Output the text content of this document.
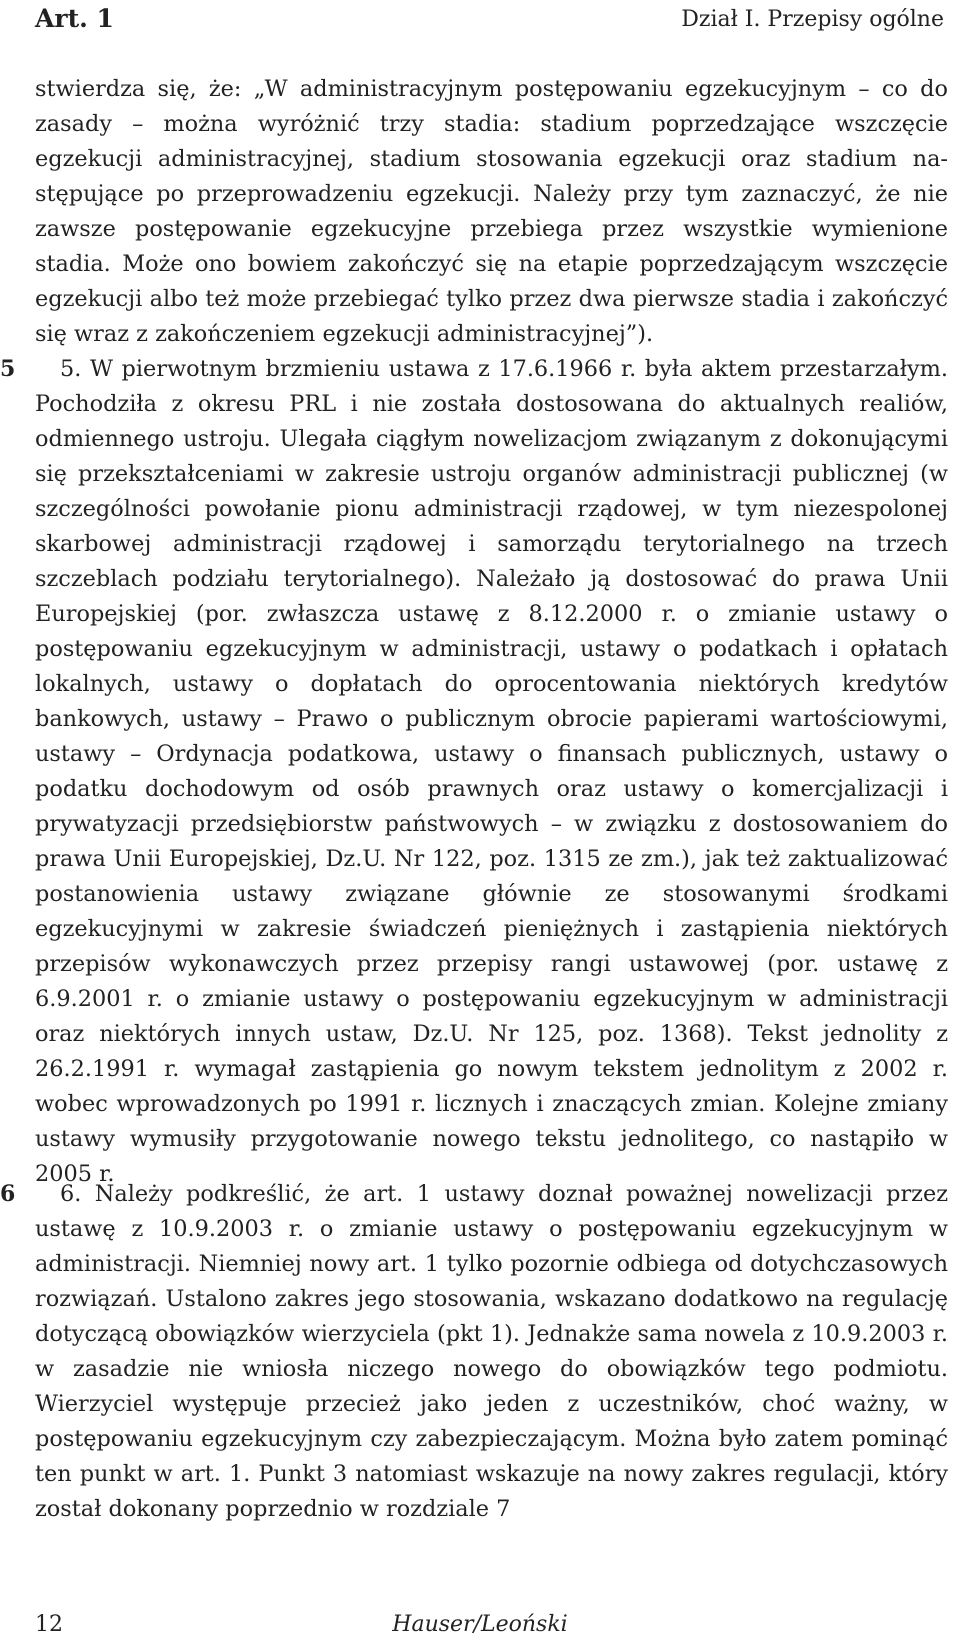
Art. 1	Dział I. Przepisy ogólne

stwierdza się, że: „W administracyjnym postępowaniu egzekucyjnym – co do zasady – można wyróżnić trzy stadia: stadium poprzedzające wszczęcie egzekucji administracyjnej, stadium stosowania egzekucji oraz stadium następujące po przeprowadzeniu egzekucji. Należy przy tym zaznaczyć, że nie zawsze postępowanie egzekucyjne przebiega przez wszystkie wymienione stadia. Może ono bowiem zakończyć się na etapie poprzedzającym wszczęcie egzekucji albo też może przebiegać tylko przez dwa pierwsze stadia i zakończyć się wraz z zakończeniem egzekucji administracyjnej”).

5	5. W pierwotnym brzmieniu ustawa z 17.6.1966 r. była aktem przestarzałym. Pochodziła z okresu PRL i nie została dostosowana do aktualnych realiów, odmiennego ustroju. Ulegała ciągłym nowelizacjom związanym z dokonującymi się przekształceniami w zakresie ustroju organów administracji publicznej (w szczególności powołanie pionu administracji rządowej, w tym niezespolonej skarbowej administracji rządowej i samorządu terytorialnego na trzech szczeblach podziału terytorialnego). Należało ją dostosować do prawa Unii Europejskiej (por. zwłaszcza ustawę z 8.12.2000 r. o zmianie ustawy o postępowaniu egzekucyjnym w administracji, ustawy o podatkach i opłatach lokalnych, ustawy o dopłatach do oprocentowania niektórych kredytów bankowych, ustawy – Prawo o publicznym obrocie papierami wartościowymi, ustawy – Ordynacja podatkowa, ustawy o finansach publicznych, ustawy o podatku dochodowym od osób prawnych oraz ustawy o komercjalizacji i prywatyzacji przedsiębiorstw państwowych – w związku z dostosowaniem do prawa Unii Europejskiej, Dz.U. Nr 122, poz. 1315 ze zm.), jak też zaktualizować postanowienia ustawy związane głównie ze stosowanymi środkami egzekucyjnymi w zakresie świadczeń pieniężnych i zastąpienia niektórych przepisów wykonawczych przez przepisy rangi ustawowej (por. ustawę z 6.9.2001 r. o zmianie ustawy o postępowaniu egzekucyjnym w administracji oraz niektórych innych ustaw, Dz.U. Nr 125, poz. 1368). Tekst jednolity z 26.2.1991 r. wymagał zastąpienia go nowym tekstem jednolitym z 2002 r. wobec wprowadzonych po 1991 r. licznych i znaczących zmian. Kolejne zmiany ustawy wymusiły przygotowanie nowego tekstu jednolitego, co nastąpiło w 2005 r.

6	6. Należy podkreślić, że art. 1 ustawy doznał poważnej nowelizacji przez ustawę z 10.9.2003 r. o zmianie ustawy o postępowaniu egzekucyjnym w administracji. Niemniej nowy art. 1 tylko pozornie odbiega od dotychczasowych rozwiązań. Ustalono zakres jego stosowania, wskazano dodatkowo na regulację dotyczącą obowiązków wierzyciela (pkt 1). Jednakże sama nowela z 10.9.2003 r. w zasadzie nie wniosła niczego nowego do obowiązków tego podmiotu. Wierzyciel występuje przecież jako jeden z uczestników, choć ważny, w postępowaniu egzekucyjnym czy zabezpieczającym. Można było zatem pominąć ten punkt w art. 1. Punkt 3 natomiast wskazuje na nowy zakres regulacji, który został dokonany poprzednio w rozdziale 7

12	Hauser/Leoński
